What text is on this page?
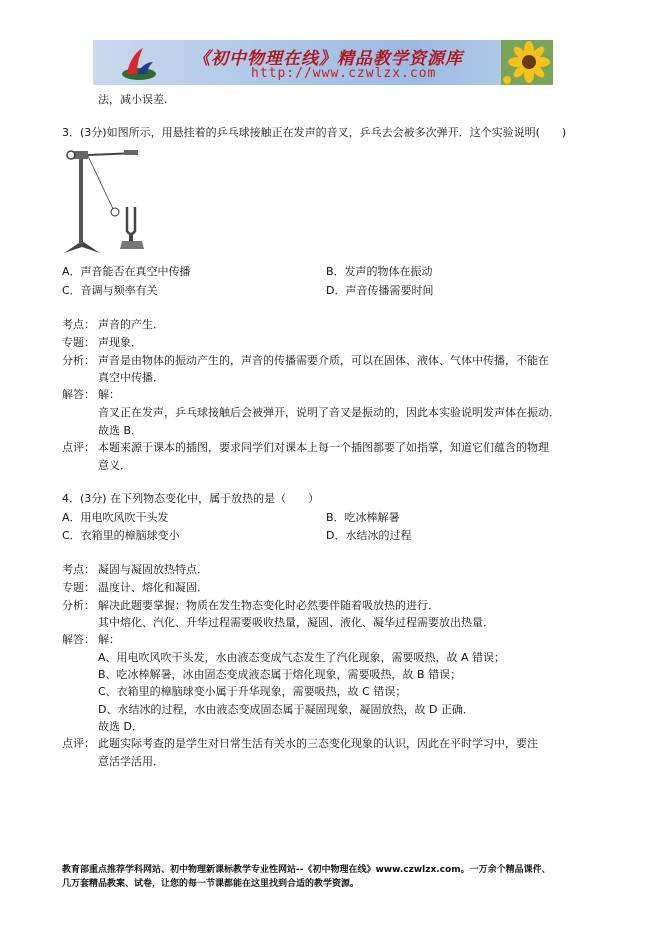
《初中物理在线》精品教学资源库
http://www.czwlzx.com
法，减小误差.
3．(3分)如图所示，用悬挂着的乒乓球接触正在发声的音叉，乒乓去会被多次弹开．这个实验说明(　　)
A．声音能否在真空中传播	B．发声的物体在振动
C．音调与频率有关	D．声音传播需要时间
考点： 声音的产生．
专题： 声现象．
分析： 声音是由物体的振动产生的，声音的传播需要介质，可以在固体、液体、气体中传播，不能在
真空中传播．
解答： 解：
音叉正在发声，乒乓球接触后会被弹开，说明了音叉是振动的，因此本实验说明发声体在振动．
故选 B．
点评： 本题来源于课本的插图，要求同学们对课本上每一个插图都要了如指掌，知道它们蕴含的物理
意义．
4．(3分) 在下列物态变化中，属于放热的是（　　）
A．用电吹风吹干头发	B．吃冰棒解暑
C．衣箱里的樟脑球变小	D．水结冰的过程
考点： 凝固与凝固放热特点．
专题： 温度计、熔化和凝固．
分析： 解决此题要掌握：物质在发生物态变化时必然要伴随着吸放热的进行．
其中熔化、汽化、升华过程需要吸收热量，凝固、液化、凝华过程需要放出热量．
解答： 解：
A、用电吹风吹干头发，水由液态变成气态发生了汽化现象，需要吸热，故 A 错误；
B、吃冰棒解暑，冰由固态变成液态属于熔化现象，需要吸热，故 B 错误；
C、衣箱里的樟脑球变小属于升华现象，需要吸热，故 C 错误；
D、水结冰的过程，水由液态变成固态属于凝固现象，凝固放热，故 D 正确．
故选 D．
点评： 此题实际考查的是学生对日常生活有关水的三态变化现象的认识，因此在平时学习中，要注
意活学活用．
教育部重点推荐学科网站、初中物理新课标教学专业性网站--《初中物理在线》www.czwlzx.com。一万余个精品课件、
几万套精品教案、试卷，让您的每一节课都能在这里找到合适的教学资源。
